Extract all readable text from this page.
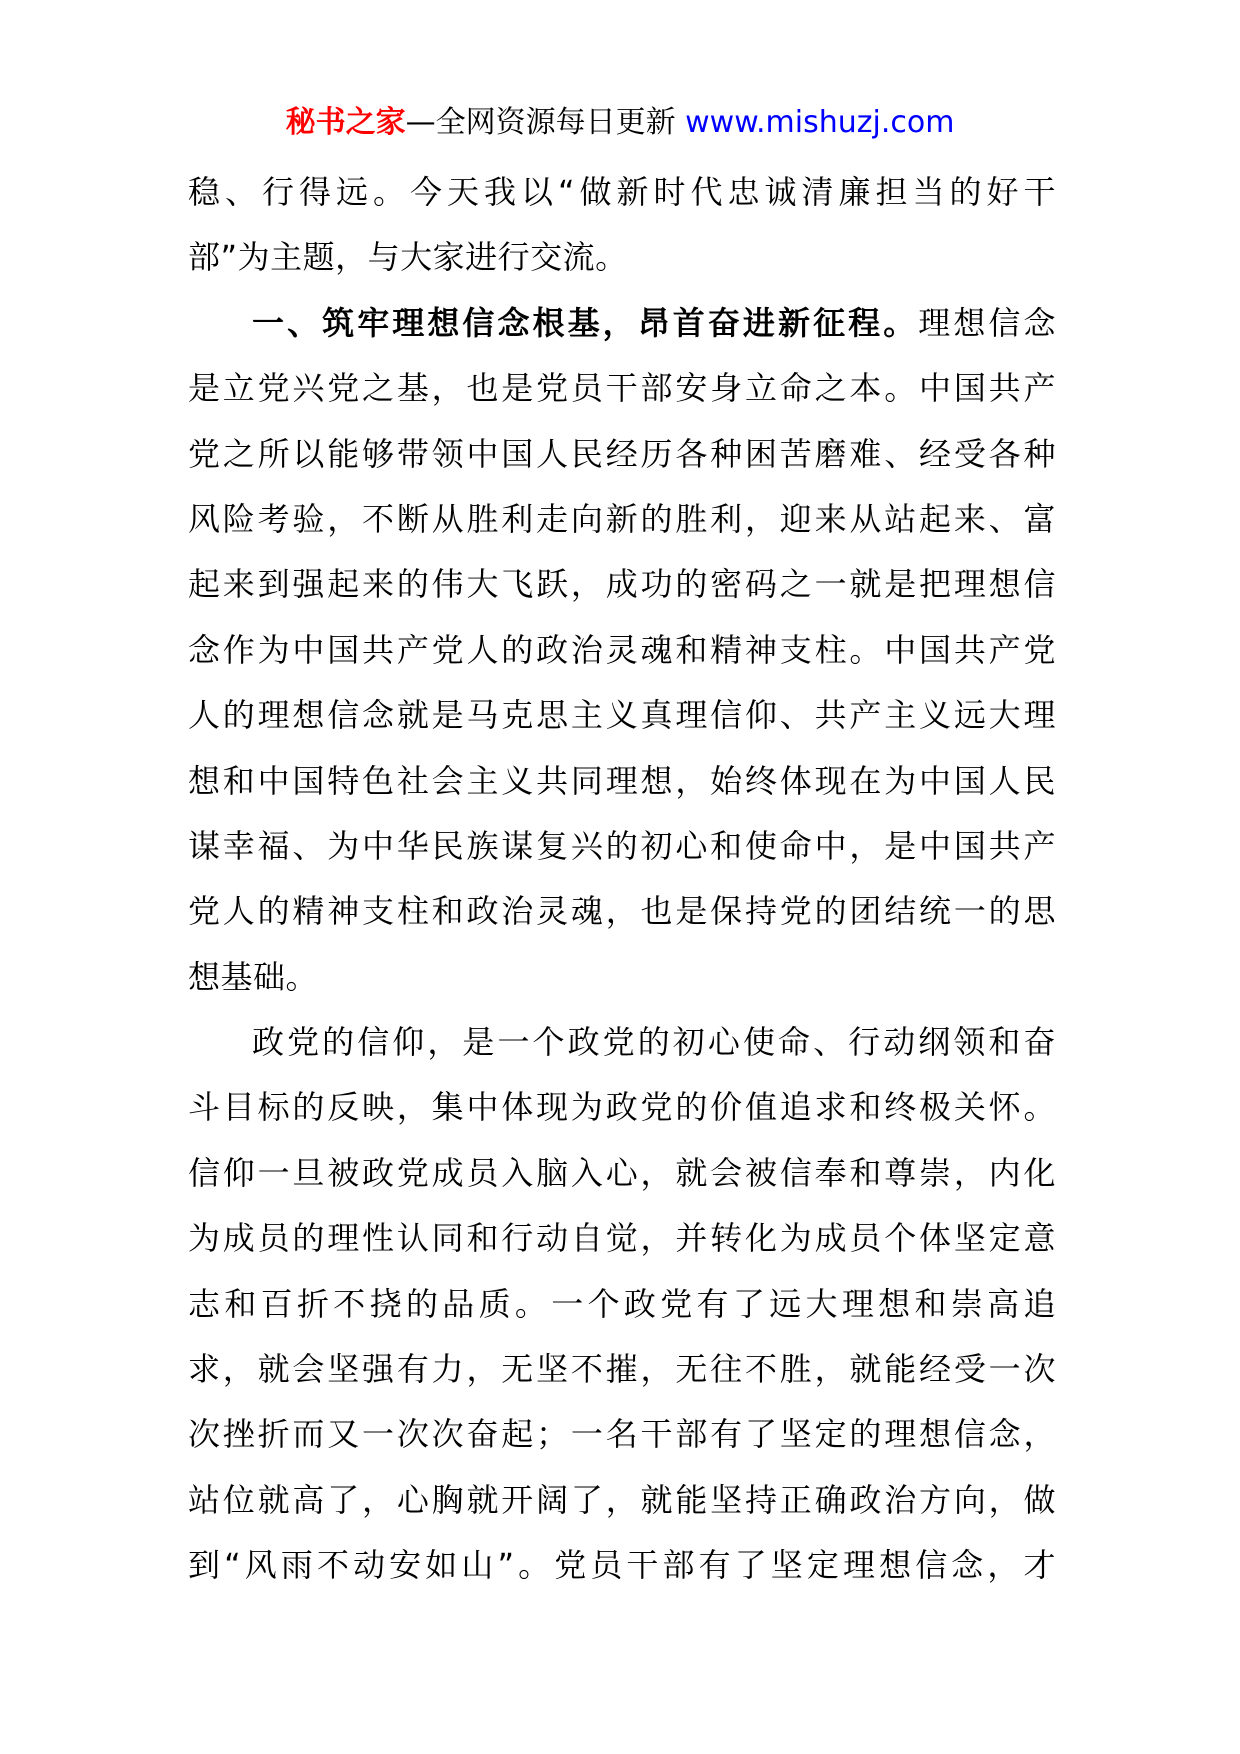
秘书之家—全网资源每日更新 www.mishuzj.com
稳、行得远。今天我以“做新时代忠诚清廉担当的好干
部”为主题，与大家进行交流。
一、筑牢理想信念根基，昂首奋进新征程。理想信念
是立党兴党之基，也是党员干部安身立命之本。中国共产
党之所以能够带领中国人民经历各种困苦磨难、经受各种
风险考验，不断从胜利走向新的胜利，迎来从站起来、富
起来到强起来的伟大飞跃，成功的密码之一就是把理想信
念作为中国共产党人的政治灵魂和精神支柱。中国共产党
人的理想信念就是马克思主义真理信仰、共产主义远大理
想和中国特色社会主义共同理想，始终体现在为中国人民
谋幸福、为中华民族谋复兴的初心和使命中，是中国共产
党人的精神支柱和政治灵魂，也是保持党的团结统一的思
想基础。
政党的信仰，是一个政党的初心使命、行动纲领和奋
斗目标的反映，集中体现为政党的价值追求和终极关怀。
信仰一旦被政党成员入脑入心，就会被信奉和尊崇，内化
为成员的理性认同和行动自觉，并转化为成员个体坚定意
志和百折不挠的品质。一个政党有了远大理想和崇高追
求，就会坚强有力，无坚不摧，无往不胜，就能经受一次
次挫折而又一次次奋起；一名干部有了坚定的理想信念，
站位就高了，心胸就开阔了，就能坚持正确政治方向，做
到“风雨不动安如山”。党员干部有了坚定理想信念，才
